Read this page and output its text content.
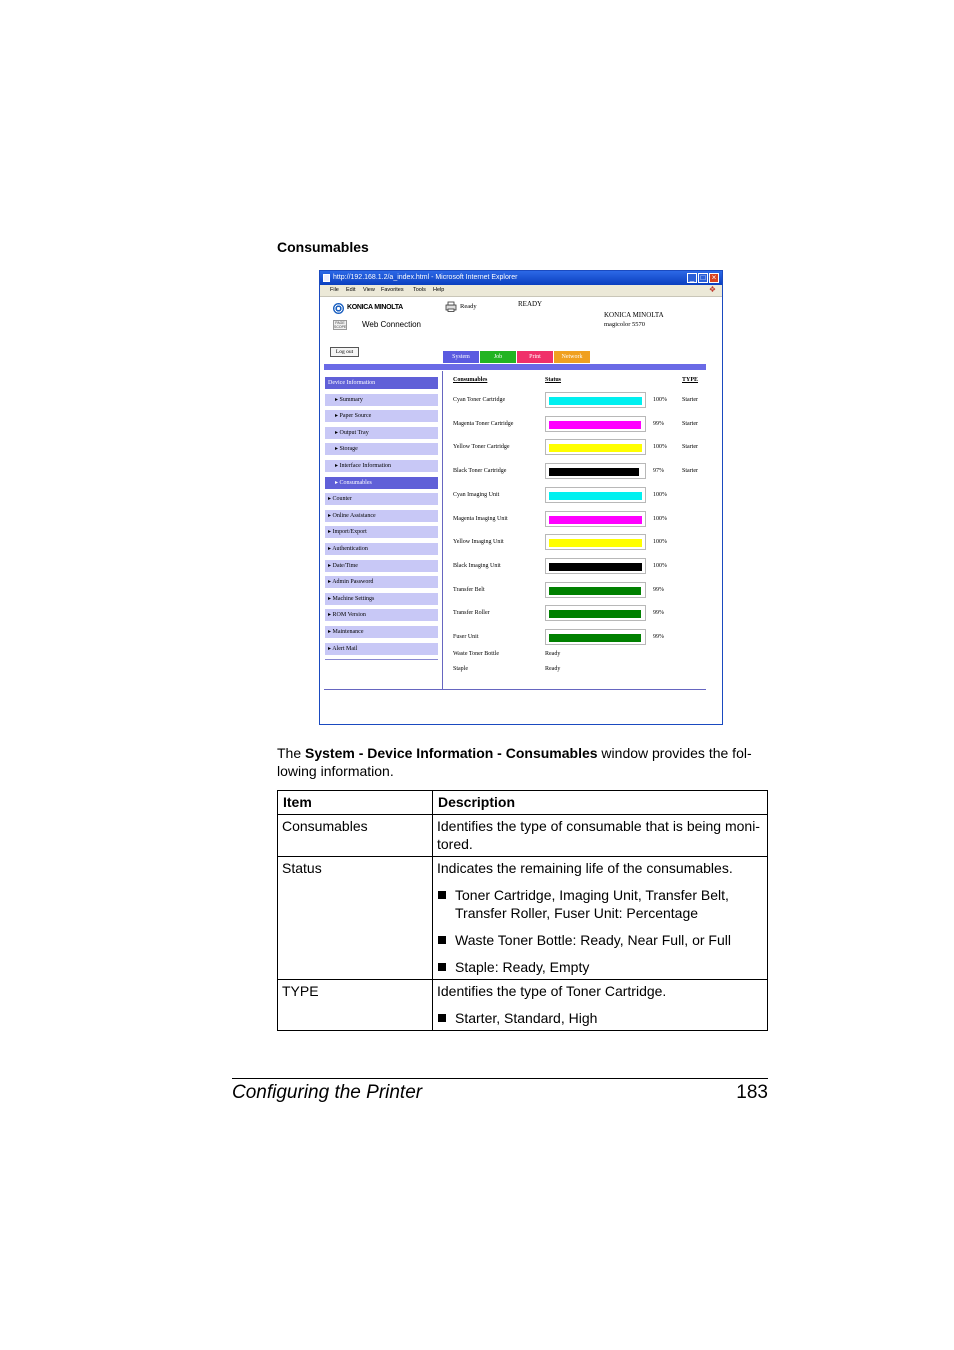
Consumables
http://192.168.1.2/a_index.html - Microsoft Internet Explorer	_ □ ×
File Edit View Favorites Tools Help	❖
KONICA MINOLTA
PAGE SCOPE Web Connection
Ready	READY
KONICA MINOLTA
magicolor 5570
Log out
System	Job	Print	Network
Device Information
▸ Summary
▸ Paper Source
▸ Output Tray
▸ Storage
▸ Interface Information
▸ Consumables
▸ Counter
▸ Online Assistance
▸ Import/Export
▸ Authentication
▸ Date/Time
▸ Admin Password
▸ Machine Settings
▸ ROM Version
▸ Maintenance
▸ Alert Mail
Consumables	Status	TYPE
Cyan Toner Cartridge	100%	Starter
Magenta Toner Cartridge	99%	Starter
Yellow Toner Cartridge	100%	Starter
Black Toner Cartridge	97%	Starter
Cyan Imaging Unit	100%
Magenta Imaging Unit	100%
Yellow Imaging Unit	100%
Black Imaging Unit	100%
Transfer Belt	99%
Transfer Roller	99%
Fuser Unit	99%
Waste Toner Bottle	Ready
Staple	Ready
The System - Device Information - Consumables window provides the fol-
lowing information.
Item	Description
Consumables	Identifies the type of consumable that is being moni-
tored.

Status	Indicates the remaining life of the consumables.
Toner Cartridge, Imaging Unit, Transfer Belt, Transfer Roller, Fuser Unit: Percentage
Waste Toner Bottle: Ready, Near Full, or Full
Staple: Ready, Empty

TYPE	Identifies the type of Toner Cartridge.
Starter, Standard, High
Configuring the Printer	183
